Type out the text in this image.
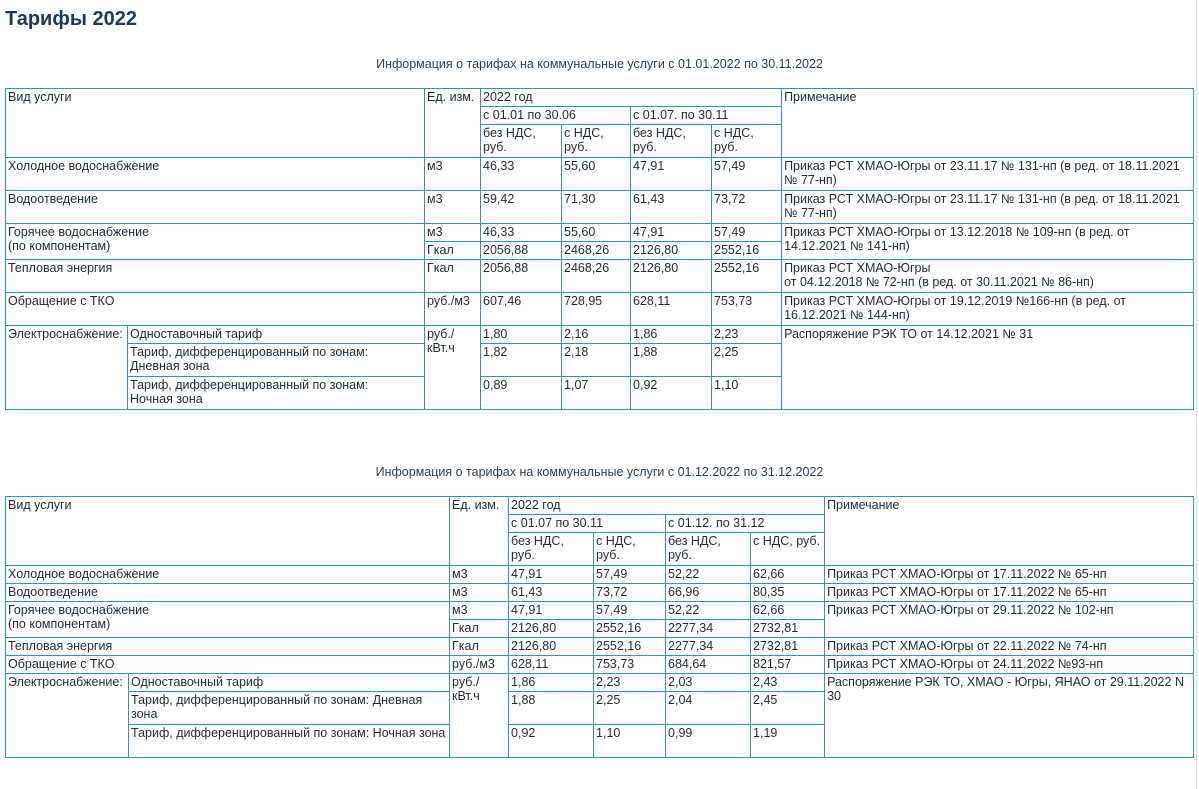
Тарифы 2022

Информация о тарифах на коммунальные услуги с 01.01.2022 по 30.11.2022

Вид услуги		Ед. изм.	2022 год				Примечание
			с 01.01 по 30.06		с 01.07. по 30.11		
			без НДС, руб.	с НДС, руб.	без НДС, руб.	с НДС, руб.	
Холодное водоснабжение		м3	46,33	55,60	47,91	57,49	Приказ РСТ ХМАО-Югры от 23.11.17 № 131-нп (в ред. от 18.11.2021 № 77-нп)
Водоотведение		м3	59,42	71,30	61,43	73,72	Приказ РСТ ХМАО-Югры от 23.11.17 № 131-нп (в ред. от 18.11.2021 № 77-нп)
Горячее водоснабжение
(по компонентам)		м3	46,33	55,60	47,91	57,49	Приказ РСТ ХМАО-Югры от 13.12.2018 № 109-нп (в ред. от 14.12.2021 № 141-нп)
		Гкал	2056,88	2468,26	2126,80	2552,16	
Тепловая энергия		Гкал	2056,88	2468,26	2126,80	2552,16	Приказ РСТ ХМАО-Югры
от 04.12.2018 № 72-нп (в ред. от 30.11.2021 № 86-нп)
Обращение с ТКО		руб./м3	607,46	728,95	628,11	753,73	Приказ РСТ ХМАО-Югры от 19.12.2019 №166-нп (в ред. от 16.12.2021 № 144-нп)
Электроснабжение:	Одноставочный тариф	руб./
кВт.ч	1,80	2,16	1,86	2,23	Распоряжение РЭК ТО от 14.12.2021 № 31
	Тариф, дифференцированный по зонам:
Дневная зона		1,82	2,18	1,88	2,25	
	Тариф, дифференцированный по зонам:
Ночная зона		0,89	1,07	0,92	1,10	

Информация о тарифах на коммунальные услуги с 01.12.2022 по 31.12.2022

Вид услуги		Ед. изм.	2022 год				Примечание
			с 01.07 по 30.11		с 01.12. по 31.12		
			без НДС, руб.	с НДС, руб.	без НДС, руб.	с НДС, руб.	
Холодное водоснабжение		м3	47,91	57,49	52,22	62,66	Приказ РСТ ХМАО-Югры от 17.11.2022 № 65-нп
Водоотведение		м3	61,43	73,72	66,96	80,35	Приказ РСТ ХМАО-Югры от 17.11.2022 № 65-нп
Горячее водоснабжение
(по компонентам)		м3	47,91	57,49	52,22	62,66	Приказ РСТ ХМАО-Югры от 29.11.2022 № 102-нп
		Гкал	2126,80	2552,16	2277,34	2732,81	
Тепловая энергия		Гкал	2126,80	2552,16	2277,34	2732,81	Приказ РСТ ХМАО-Югры от 22.11.2022 № 74-нп
Обращение с ТКО		руб./м3	628,11	753,73	684,64	821,57	Приказ РСТ ХМАО-Югры от 24.11.2022 №93-нп
Электроснабжение:	Одноставочный тариф	руб./
кВт.ч	1,86	2,23	2,03	2,43	Распоряжение РЭК ТО, ХМАО - Югры, ЯНАО от 29.11.2022 N 30
	Тариф, дифференцированный по зонам: Дневная зона		1,88	2,25	2,04	2,45	
	Тариф, дифференцированный по зонам: Ночная зона		0,92	1,10	0,99	1,19	
